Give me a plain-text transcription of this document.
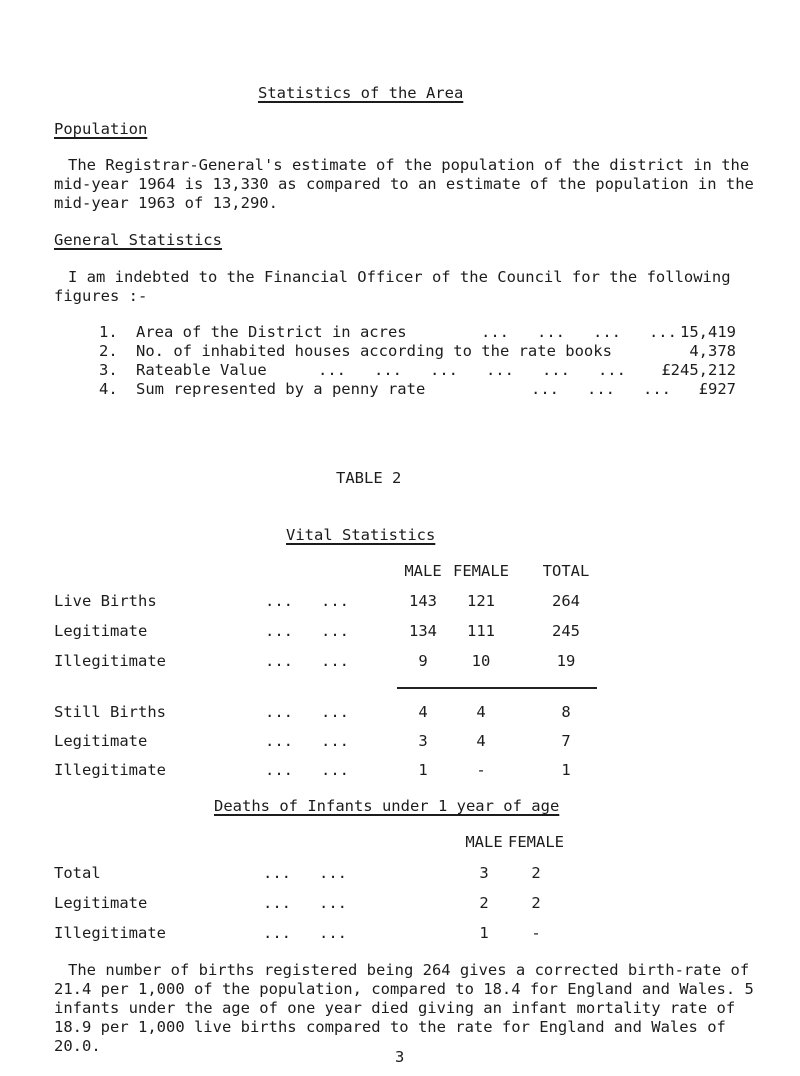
Statistics of the Area
Population
The Registrar-General's estimate of the population of the district in the mid-year 1964 is 13,330 as compared to an estimate of the population in the mid-year 1963 of 13,290.
General Statistics
I am indebted to the Financial Officer of the Council for the following
figures :-
1. Area of the District in acres	...   ...   ...   ... 15,419
2. No. of inhabited houses according to the rate books	4,378
3. Rateable Value	...   ...   ...   ...   ...   ... £245,212
4. Sum represented by a penny rate	...   ...   ... £927
TABLE 2
Vital Statistics
MALE FEMALE	TOTAL
Live Births	...   ...	143	121	264
Legitimate	...   ...	134	111	245
Illegitimate	...   ...	9	10	19
Still Births	...   ...	4	4	8
Legitimate	...   ...	3	4	7
Illegitimate	...   ...	1	-	1
Deaths of Infants under 1 year of age
MALE FEMALE
Total	...   ...	3	2
Legitimate	...   ...	2	2
Illegitimate	...   ...	1	-
The number of births registered being 264 gives a corrected birth-rate of 21.4 per 1,000 of the population, compared to 18.4 for England and Wales. 5 infants under the age of one year died giving an infant mortality rate of 18.9 per 1,000 live births compared to the rate for England and Wales of 20.0.
3
